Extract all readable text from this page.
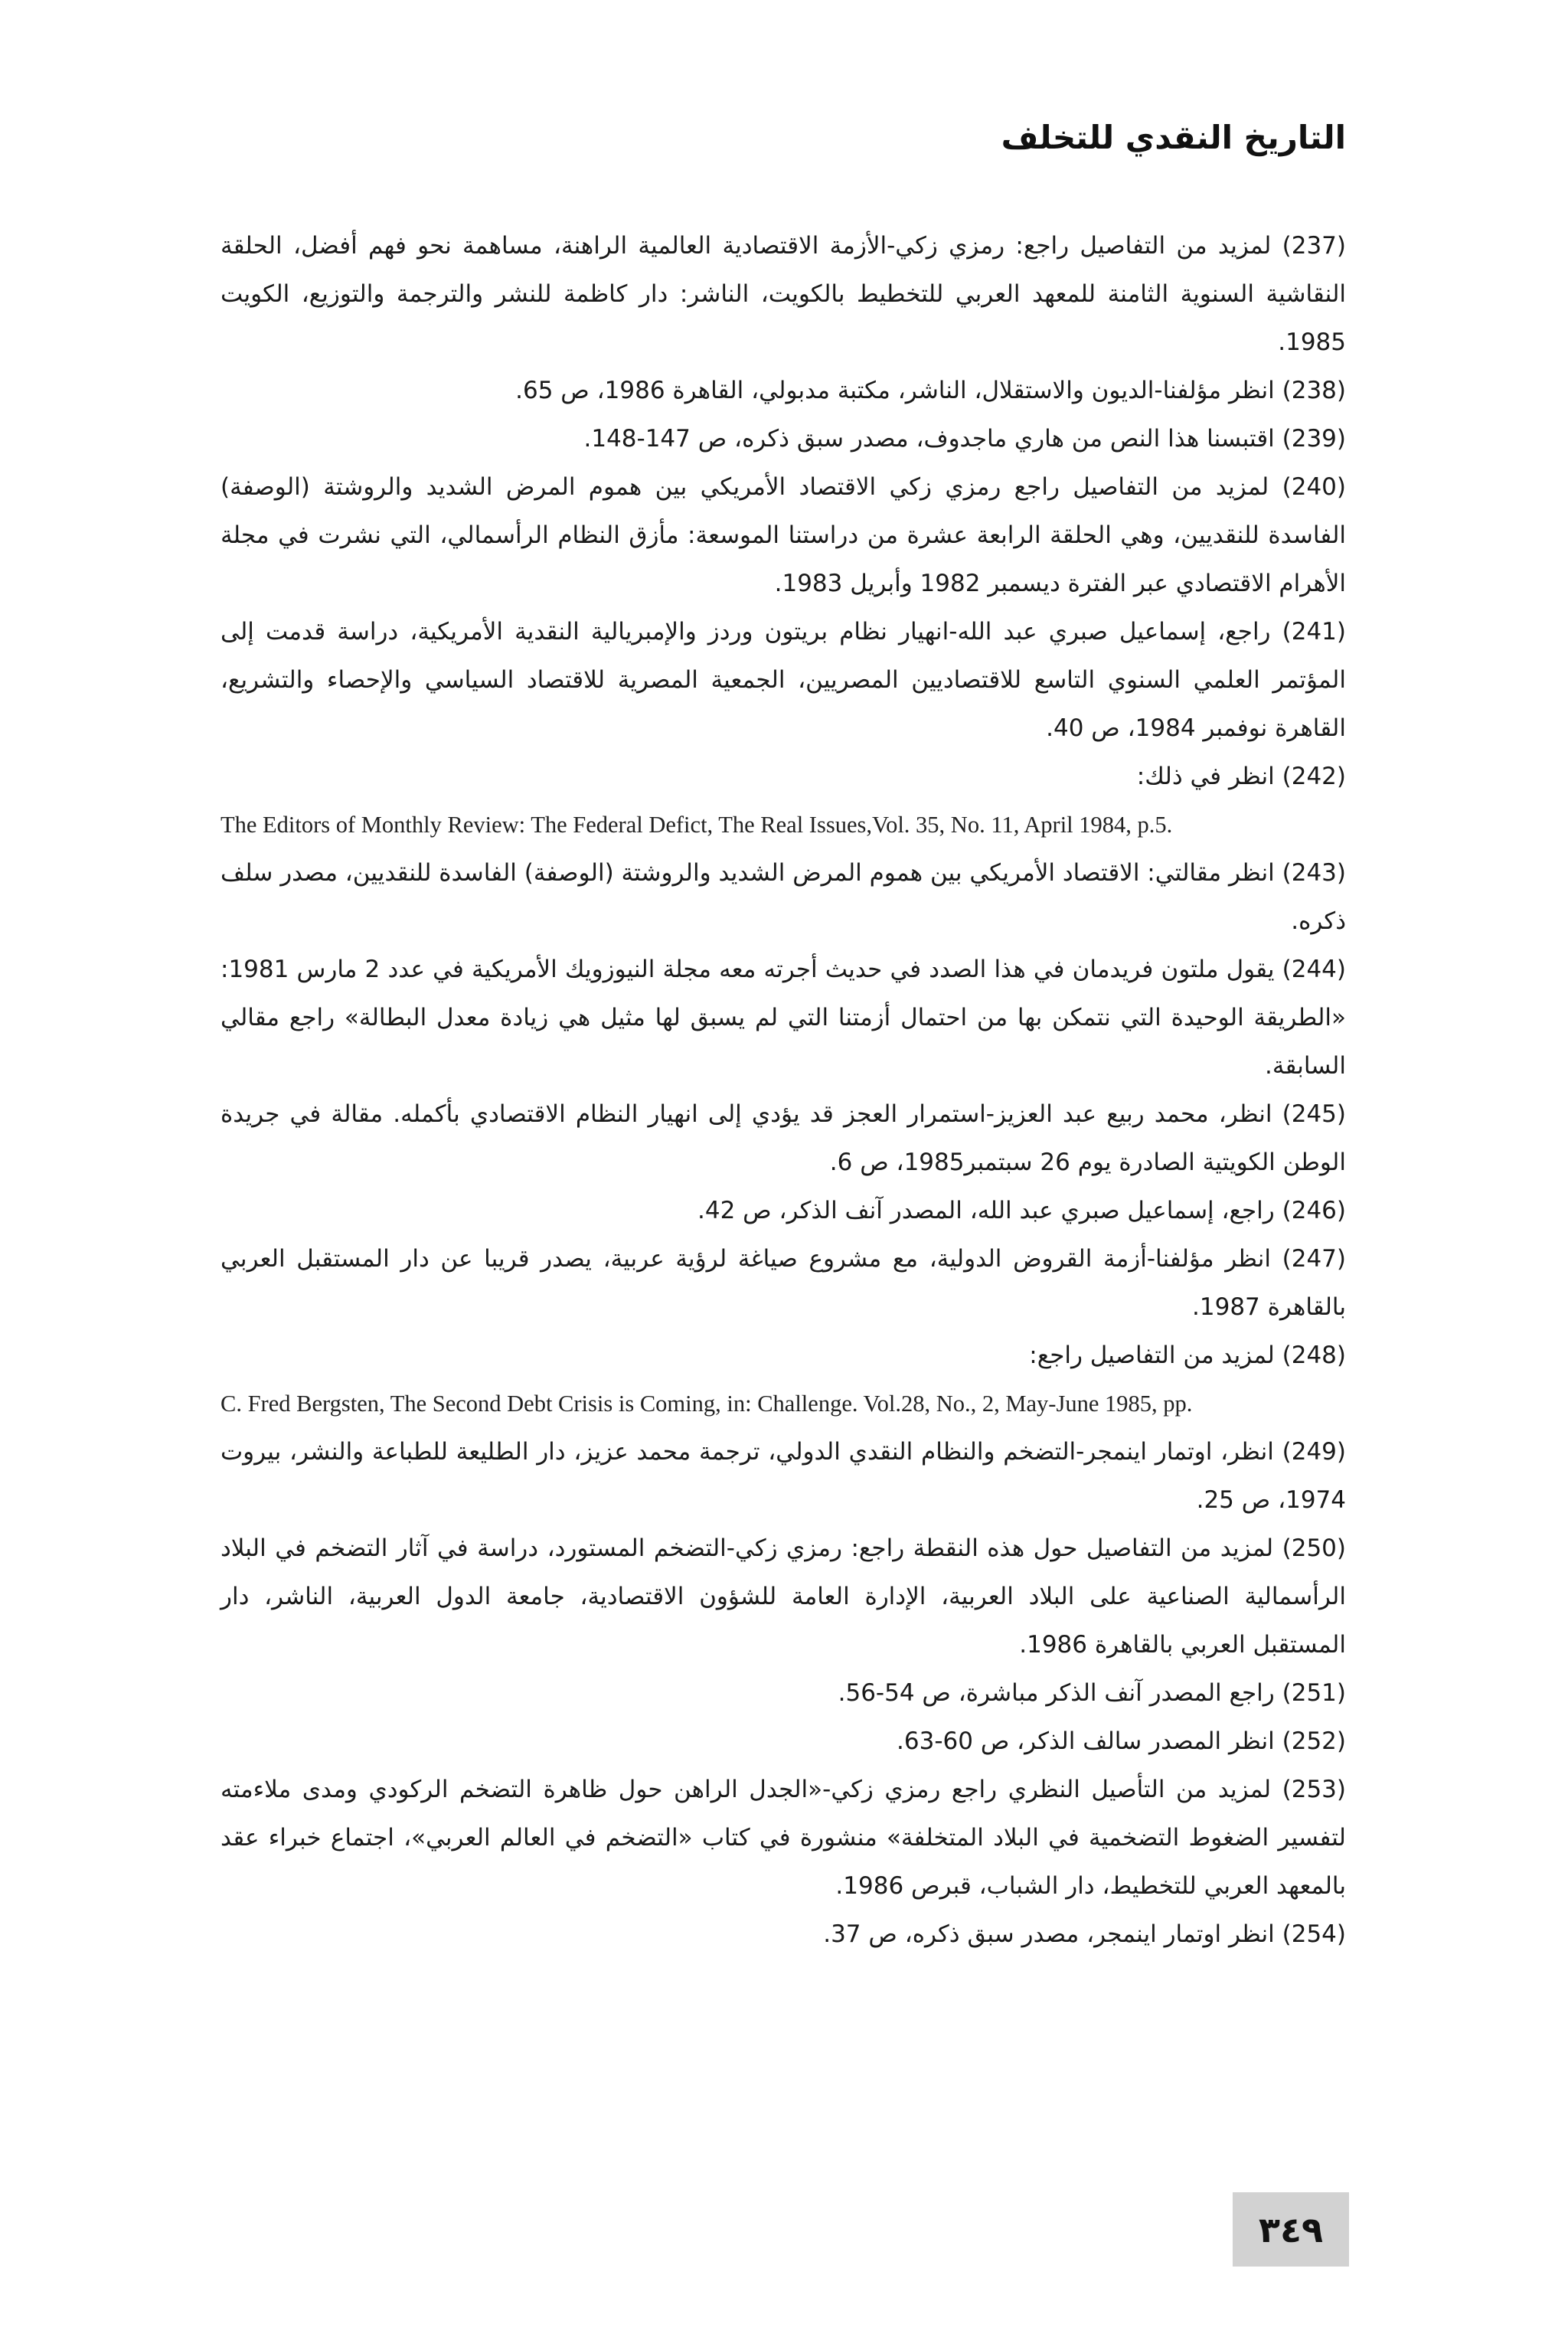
التاريخ النقدي للتخلف

(237) لمزيد من التفاصيل راجع: رمزي زكي-الأزمة الاقتصادية العالمية الراهنة، مساهمة نحو فهم أفضل، الحلقة النقاشية السنوية الثامنة للمعهد العربي للتخطيط بالكويت، الناشر: دار كاظمة للنشر والترجمة والتوزيع، الكويت 1985.

(238) انظر مؤلفنا-الديون والاستقلال، الناشر، مكتبة مدبولي، القاهرة 1986، ص 65.

(239) اقتبسنا هذا النص من هاري ماجدوف، مصدر سبق ذكره، ص 147-148.

(240) لمزيد من التفاصيل راجع رمزي زكي الاقتصاد الأمريكي بين هموم المرض الشديد والروشتة (الوصفة) الفاسدة للنقديين، وهي الحلقة الرابعة عشرة من دراستنا الموسعة: مأزق النظام الرأسمالي، التي نشرت في مجلة الأهرام الاقتصادي عبر الفترة ديسمبر 1982 وأبريل 1983.

(241) راجع، إسماعيل صبري عبد الله-انهيار نظام بريتون وردز والإمبريالية النقدية الأمريكية، دراسة قدمت إلى المؤتمر العلمي السنوي التاسع للاقتصاديين المصريين، الجمعية المصرية للاقتصاد السياسي والإحصاء والتشريع، القاهرة نوفمبر 1984، ص 40.

(242) انظر في ذلك:

The Editors of Monthly Review: The Federal Defict, The Real Issues,Vol. 35, No. 11, April 1984, p.5.

(243) انظر مقالتي: الاقتصاد الأمريكي بين هموم المرض الشديد والروشتة (الوصفة) الفاسدة للنقديين، مصدر سلف ذكره.

(244) يقول ملتون فريدمان في هذا الصدد في حديث أجرته معه مجلة النيوزويك الأمريكية في عدد 2 مارس 1981: «الطريقة الوحيدة التي نتمكن بها من احتمال أزمتنا التي لم يسبق لها مثيل هي زيادة معدل البطالة» راجع مقالي السابقة.

(245) انظر، محمد ربيع عبد العزيز-استمرار العجز قد يؤدي إلى انهيار النظام الاقتصادي بأكمله. مقالة في جريدة الوطن الكويتية الصادرة يوم 26 سبتمبر1985، ص 6.

(246) راجع، إسماعيل صبري عبد الله، المصدر آنف الذكر، ص 42.

(247) انظر مؤلفنا-أزمة القروض الدولية، مع مشروع صياغة لرؤية عربية، يصدر قريبا عن دار المستقبل العربي بالقاهرة 1987.

(248) لمزيد من التفاصيل راجع:

C. Fred Bergsten, The Second Debt Crisis is Coming, in: Challenge. Vol.28, No., 2, May-June 1985, pp.

(249) انظر، اوتمار اينمجر-التضخم والنظام النقدي الدولي، ترجمة محمد عزيز، دار الطليعة للطباعة والنشر، بيروت 1974، ص 25.

(250) لمزيد من التفاصيل حول هذه النقطة راجع: رمزي زكي-التضخم المستورد، دراسة في آثار التضخم في البلاد الرأسمالية الصناعية على البلاد العربية، الإدارة العامة للشؤون الاقتصادية، جامعة الدول العربية، الناشر، دار المستقبل العربي بالقاهرة 1986.

(251) راجع المصدر آنف الذكر مباشرة، ص 54-56.

(252) انظر المصدر سالف الذكر، ص 60-63.

(253) لمزيد من التأصيل النظري راجع رمزي زكي-«الجدل الراهن حول ظاهرة التضخم الركودي ومدى ملاءمته لتفسير الضغوط التضخمية في البلاد المتخلفة» منشورة في كتاب «التضخم في العالم العربي»، اجتماع خبراء عقد بالمعهد العربي للتخطيط، دار الشباب، قبرص 1986.

(254) انظر اوتمار اينمجر، مصدر سبق ذكره، ص 37.

٣٤٩
